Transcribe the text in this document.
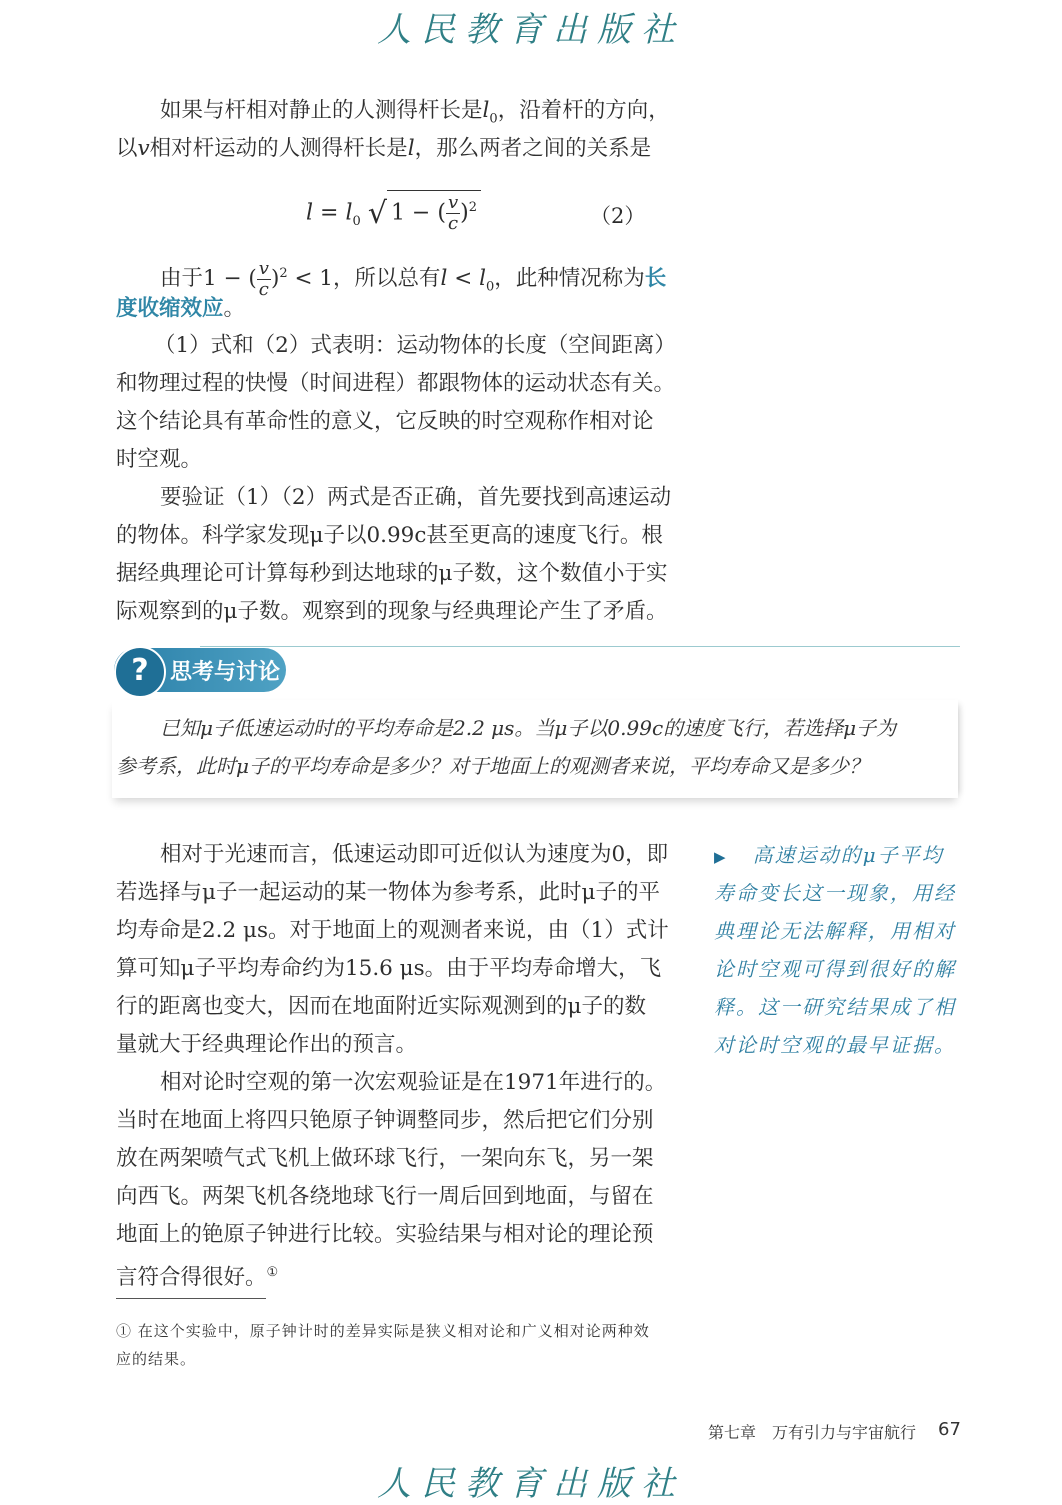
人民教育出版社
如果与杆相对静止的人测得杆长是$l_0$，沿着杆的方向，
以v相对杆运动的人测得杆长是l，那么两者之间的关系是
$l = l_0$ √ 1 − ( $\frac{v}{c} )^2$	（2）
由于1 − ( $\frac{v}{c} )^2 < 1$，所以总有$l < l_0$，此种情况称为长
度收缩效应。
（1）式和（2）式表明：运动物体的长度（空间距离）
和物理过程的快慢（时间进程）都跟物体的运动状态有关。
这个结论具有革命性的意义，它反映的时空观称作相对论
时空观。
要验证（1）（2）两式是否正确，首先要找到高速运动
的物体。科学家发现μ子以0.99c甚至更高的速度飞行。根
据经典理论可计算每秒到达地球的μ子数，这个数值小于实
际观察到的μ子数。观察到的现象与经典理论产生了矛盾。
? 思考与讨论
已知μ子低速运动时的平均寿命是2.2 μs。当μ子以0.99c的速度飞行，若选择μ子为
参考系，此时μ子的平均寿命是多少？对于地面上的观测者来说，平均寿命又是多少？
相对于光速而言，低速运动即可近似认为速度为0，即
若选择与μ子一起运动的某一物体为参考系，此时μ子的平
均寿命是2.2 μs。对于地面上的观测者来说，由（1）式计
算可知μ子平均寿命约为15.6 μs。由于平均寿命增大，飞
行的距离也变大，因而在地面附近实际观测到的μ子的数
量就大于经典理论作出的预言。
相对论时空观的第一次宏观验证是在1971年进行的。
当时在地面上将四只铯原子钟调整同步，然后把它们分别
放在两架喷气式飞机上做环球飞行，一架向东飞，另一架
向西飞。两架飞机各绕地球飞行一周后回到地面，与留在
地面上的铯原子钟进行比较。实验结果与相对论的理论预
言符合得很好。①
▶ 高速运动的μ子平均
寿命变长这一现象，用经
典理论无法解释，用相对
论时空观可得到很好的解
释。这一研究结果成了相
对论时空观的最早证据。
① 在这个实验中，原子钟计时的差异实际是狭义相对论和广义相对论两种效
应的结果。
第七章　万有引力与宇宙航行 67
人民教育出版社
